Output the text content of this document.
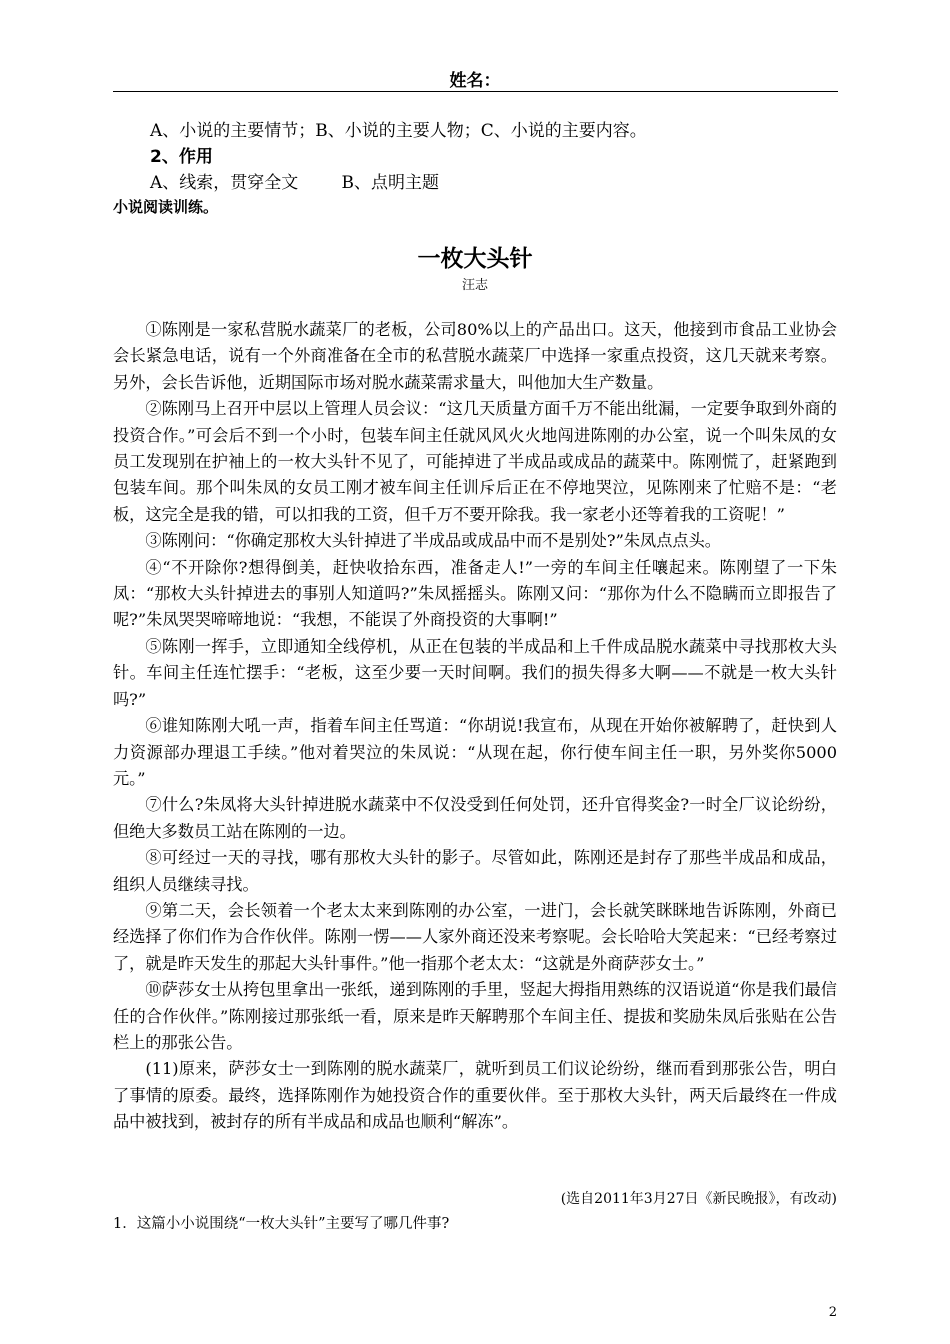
姓名：
A、小说的主要情节；B、小说的主要人物；C、小说的主要内容。
2、作用
A、线索，贯穿全文        B、点明主题
小说阅读训练。
一枚大头针
汪志

①陈刚是一家私营脱水蔬菜厂的老板，公司80%以上的产品出口。这天，他接到市食品工业协会会长紧急电话，说有一个外商准备在全市的私营脱水蔬菜厂中选择一家重点投资，这几天就来考察。另外，会长告诉他，近期国际市场对脱水蔬菜需求量大，叫他加大生产数量。

②陈刚马上召开中层以上管理人员会议：“这几天质量方面千万不能出纰漏，一定要争取到外商的投资合作。”可会后不到一个小时，包装车间主任就风风火火地闯进陈刚的办公室，说一个叫朱凤的女员工发现别在护袖上的一枚大头针不见了，可能掉进了半成品或成品的蔬菜中。陈刚慌了，赶紧跑到包装车间。那个叫朱凤的女员工刚才被车间主任训斥后正在不停地哭泣，见陈刚来了忙赔不是：“老板，这完全是我的错，可以扣我的工资，但千万不要开除我。我一家老小还等着我的工资呢！”

③陈刚问：“你确定那枚大头针掉进了半成品或成品中而不是别处?”朱凤点点头。

④“不开除你?想得倒美，赶快收拾东西，准备走人!”一旁的车间主任嚷起来。陈刚望了一下朱凤：“那枚大头针掉进去的事别人知道吗?”朱凤摇摇头。陈刚又问：“那你为什么不隐瞒而立即报告了呢?”朱凤哭哭啼啼地说：“我想，不能误了外商投资的大事啊!”

⑤陈刚一挥手，立即通知全线停机，从正在包装的半成品和上千件成品脱水蔬菜中寻找那枚大头针。车间主任连忙摆手：“老板，这至少要一天时间啊。我们的损失得多大啊——不就是一枚大头针吗?”

⑥谁知陈刚大吼一声，指着车间主任骂道：“你胡说!我宣布，从现在开始你被解聘了，赶快到人力资源部办理退工手续。”他对着哭泣的朱凤说：“从现在起，你行使车间主任一职，另外奖你5000元。”

⑦什么?朱凤将大头针掉进脱水蔬菜中不仅没受到任何处罚，还升官得奖金?一时全厂议论纷纷，但绝大多数员工站在陈刚的一边。

⑧可经过一天的寻找，哪有那枚大头针的影子。尽管如此，陈刚还是封存了那些半成品和成品，组织人员继续寻找。

⑨第二天，会长领着一个老太太来到陈刚的办公室，一进门，会长就笑眯眯地告诉陈刚，外商已经选择了你们作为合作伙伴。陈刚一愣——人家外商还没来考察呢。会长哈哈大笑起来：“已经考察过了，就是昨天发生的那起大头针事件。”他一指那个老太太：“这就是外商萨莎女士。”

⑩萨莎女士从挎包里拿出一张纸，递到陈刚的手里，竖起大拇指用熟练的汉语说道“你是我们最信任的合作伙伴。”陈刚接过那张纸一看，原来是昨天解聘那个车间主任、提拔和奖励朱凤后张贴在公告栏上的那张公告。

(11)原来，萨莎女士一到陈刚的脱水蔬菜厂，就听到员工们议论纷纷，继而看到那张公告，明白了事情的原委。最终，选择陈刚作为她投资合作的重要伙伴。至于那枚大头针，两天后最终在一件成品中被找到，被封存的所有半成品和成品也顺利“解冻”。

(选自2011年3月27日《新民晚报》，有改动)
1．这篇小小说围绕“一枚大头针”主要写了哪几件事?
2
